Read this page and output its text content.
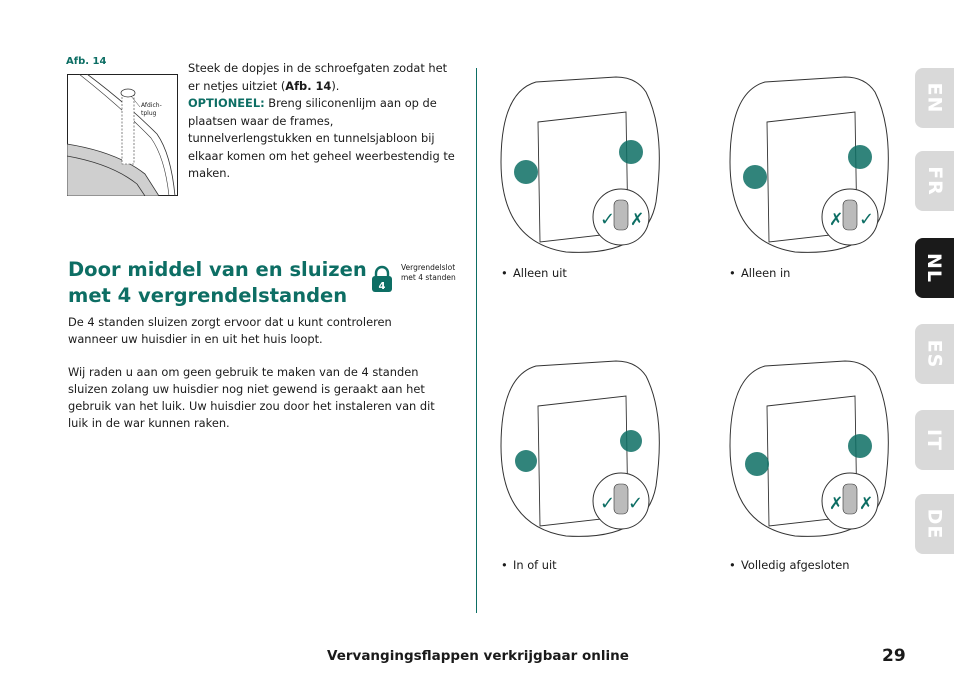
Afb. 14
Afdich-
tplug
Steek de dopjes in de schroefgaten zodat het er netjes uitziet (Afb. 14).
OPTIONEEL: Breng siliconenlijm aan op de plaatsen waar de frames, tunnelverlengstukken en tunnelsjabloon bij elkaar komen om het geheel weerbestendig te maken.
Door middel van en sluizen met 4 vergrendelstanden	4
Vergrendelslot
met 4 standen

De 4 standen sluizen zorgt ervoor dat u kunt controleren wanneer uw huisdier in en uit het huis loopt.

Wij raden u aan om geen gebruik te maken van de 4 standen sluizen zolang uw huisdier nog niet gewend is geraakt aan het gebruik van het luik. Uw huisdier zou door het instaleren van dit luik in de war kunnen raken.

✓ ✗
• Alleen uit
✗ ✓
• Alleen in
✓ ✓
• In of uit
✗ ✗
• Volledig afgesloten
EN
FR
NL
ES
IT
DE
Vervangingsflappen verkrijgbaar online	29
